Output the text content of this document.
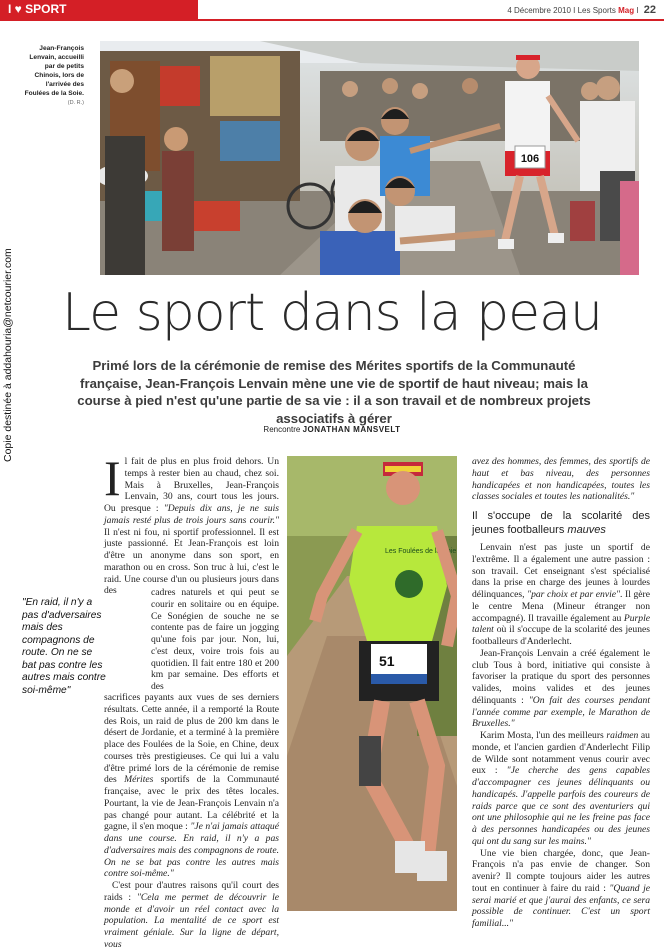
I ♥ SPORT	4 Décembre 2010 I Les Sports Mag I 22
Copie destinée à addahouria@netcourier.com
Jean-François Lenvain, accueilli par de petits Chinois, lors de l'arrivée des Foulées de la Soie. (D. R.)
106
Le sport dans la peau
Primé lors de la cérémonie de remise des Mérites sportifs de la Communauté française, Jean-François Lenvain mène une vie de sportif de haut niveau; mais la course à pied n'est qu'une partie de sa vie : il a son travail et de nombreux projets associatifs à gérer
Rencontre JONATHAN MANSVELT
"En raid, il n'y a pas d'adversaires mais des compagnons de route. On ne se bat pas contre les autres mais contre soi-même"

Il fait de plus en plus froid dehors. Un temps à rester bien au chaud, chez soi. Mais à Bruxelles, Jean-François Lenvain, 30 ans, court tous les jours. Ou presque : "Depuis dix ans, je ne suis jamais resté plus de trois jours sans courir." Il n'est ni fou, ni sportif professionnel. Il est juste passionné. Et Jean-François est loin d'être un anonyme dans son sport, en marathon ou en cross. Son truc à lui, c'est le raid. Une course d'un ou plusieurs jours dans des	cadres naturels et qui peut se courir en solitaire ou en équipe. Ce Sonégien de souche ne se contente pas de faire un jogging qu'une fois par jour. Non, lui, c'est deux, voire trois fois au quotidien. Il fait entre 180 et 200 km par semaine. Des efforts et des

sacrifices payants aux vues de ses derniers résultats. Cette année, il a remporté la Route des Rois, un raid de plus de 200 km dans le désert de Jordanie, et a terminé à la première place des Foulées de la Soie, en Chine, deux courses très prestigieuses. Ce qui lui a valu d'être primé lors de la cérémonie de remise des Mérites sportifs de la Communauté française, avec le prix des têtes locales. Pourtant, la vie de Jean-François Lenvain n'a pas changé pour autant. La célébrité et la gagne, il s'en moque : "Je n'ai jamais attaqué dans une course. En raid, il n'y a pas d'adversaires mais des compagnons de route. On ne se bat pas contre les autres mais contre soi-même."

C'est pour d'autres raisons qu'il court des raids : "Cela me permet de découvrir le monde et d'avoir un réel contact avec la population. La mentalité de ce sport est vraiment géniale. Sur la ligne de départ, vous

Les Foulées de la Soie
51

avez des hommes, des femmes, des sportifs de haut et bas niveau, des personnes handicapées et non handicapées, toutes les classes sociales et toutes les nationalités."

Il s'occupe de la scolarité des jeunes footballeurs mauves

Lenvain n'est pas juste un sportif de l'extrême. Il a également une autre passion : son travail. Cet enseignant s'est spécialisé dans la prise en charge des jeunes à lourdes délinquances, "par choix et par envie". Il gère le centre Mena (Mineur étranger non accompagné). Il travaille également au Purple talent où il s'occupe de la scolarité des jeunes footballeurs d'Anderlecht.

Jean-François Lenvain a créé également le club Tous à bord, initiative qui consiste à favoriser la pratique du sport des personnes valides, moins valides et des jeunes délinquants : "On fait des courses pendant l'année comme par exemple, le Marathon de Bruxelles."

Karim Mosta, l'un des meilleurs raidmen au monde, et l'ancien gardien d'Anderlecht Filip de Wilde sont notamment venus courir avec eux : "Je cherche des gens capables d'accompagner ces jeunes délinquants ou handicapés. J'appelle parfois des coureurs de raids parce que ce sont des aventuriers qui ont une philosophie qui ne les freine pas face à des personnes handicapées ou des jeunes qui ont du sang sur les mains."

Une vie bien chargée, donc, que Jean-François n'a pas envie de changer. Son avenir? Il compte toujours aider les autres tout en continuer à faire du raid : "Quand je serai marié et que j'aurai des enfants, ce sera possible de continuer. C'est un sport familial..."
